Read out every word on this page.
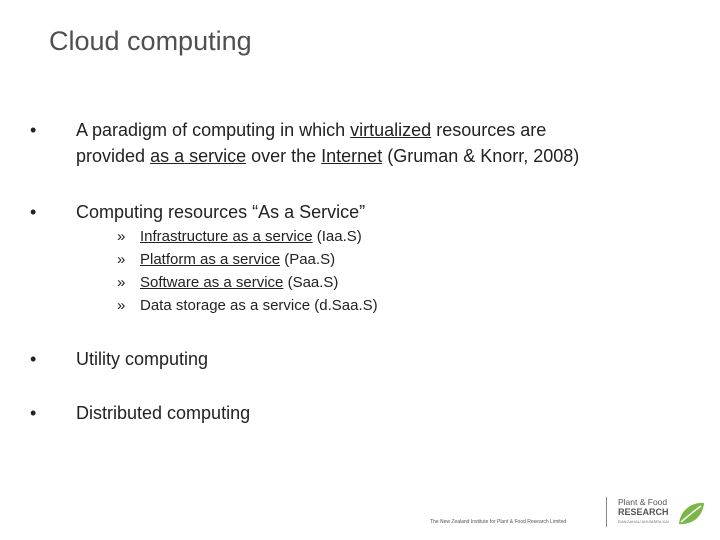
Cloud computing
•	A paradigm of computing in which virtualized resources are
provided as a service over the Internet (Gruman & Knorr, 2008)
•	Computing resources “As a Service”
» Infrastructure as a service (Iaa.S)
» Platform as a service (Paa.S)
» Software as a service (Saa.S)
» Data storage as a service (d.Saa.S)
•	Utility computing
•	Distributed computing
The New Zealand Institute for Plant & Food Research Limited
Plant & Food
RESEARCH
RANGAHAU AHUMĀRA KAI
